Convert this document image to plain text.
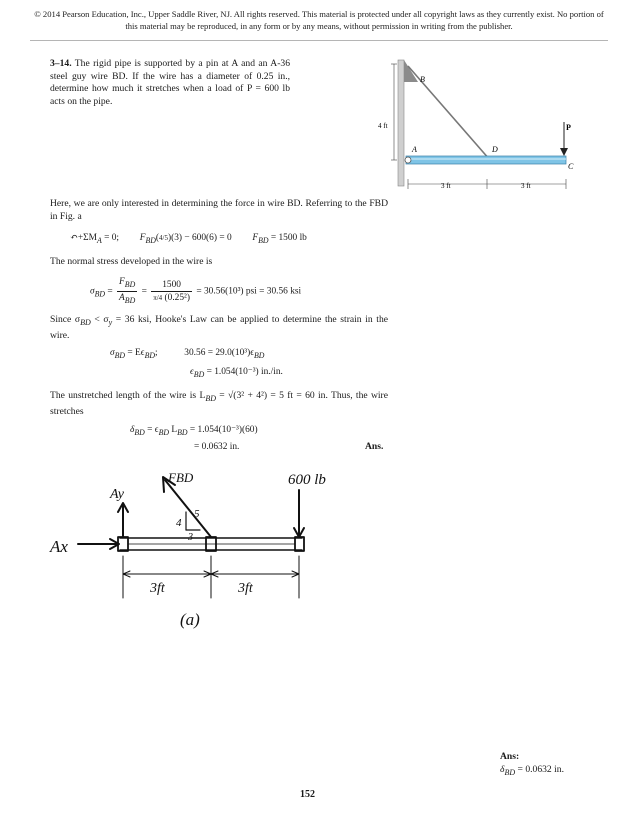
© 2014 Pearson Education, Inc., Upper Saddle River, NJ. All rights reserved. This material is protected under all copyright laws as they currently exist. No portion of this material may be reproduced, in any form or by any means, without permission in writing from the publisher.
3–14. The rigid pipe is supported by a pin at A and an A-36 steel guy wire BD. If the wire has a diameter of 0.25 in., determine how much it stretches when a load of P = 600 lb acts on the pipe.
4 ft
B
A	D
C
P
3 ft	3 ft
Here, we are only interested in determining the force in wire BD. Referring to the FBD in Fig. a
$↶+\Sigma M_A = 0$; $F_{BD}(4/5)(3) - 600(6) = 0$ $F_{BD} = 1500$ lb
The normal stress developed in the wire is
$\sigma_{BD} = \frac{F_{BD}}{A_{BD}} = \frac{1500}{\text{π/4 (0.25²)}} = 30.56(10^3)$ psi = 30.56 ksi
Since $\sigma_{BD} < \sigma_y = 36$ ksi, Hooke's Law can be applied to determine the strain in the wire.
$\sigma_{BD} = E\epsilon_{BD}$;	$30.56 = 29.0(10^3)\epsilon_{BD}$
$\epsilon_{BD} = 1.054(10^{-3})$ in./in.
The unstretched length of the wire is $L_{BD} = √(3^2 + 4^2) = 5$ ft = 60 in. Thus, the wire stretches
$\delta_{BD} = \epsilon_{BD}$ $L_{BD} = 1.054(10^{-3})(60)$
= 0.0632 in.	Ans.
Ax
Ay
FBD	600 lb
4
5
3
3ft	3ft
(a)
Ans:
$\delta_{BD} = 0.0632$ in.
152
